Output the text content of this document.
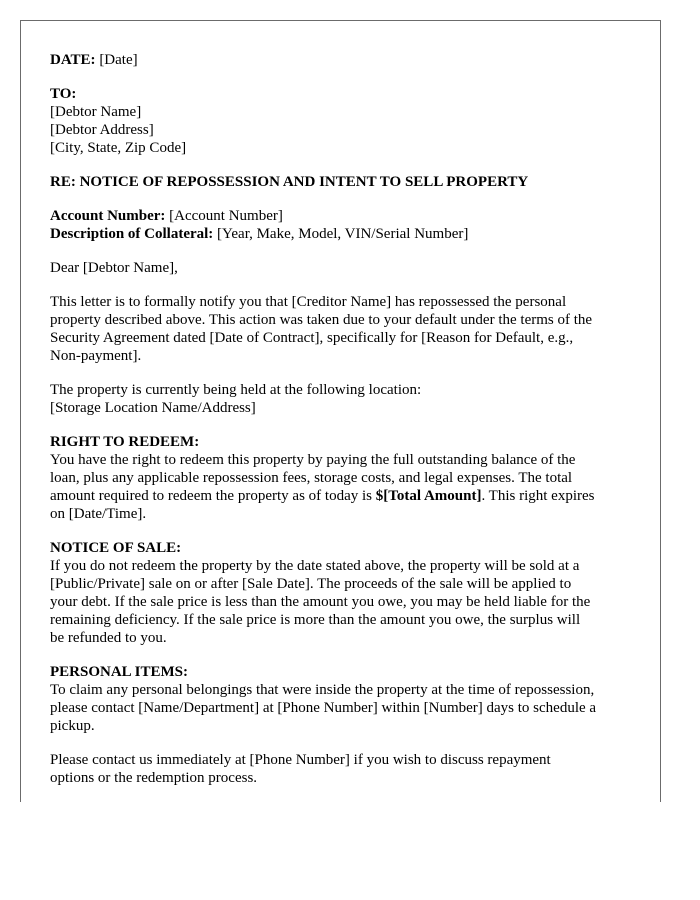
DATE: [Date]
TO:
[Debtor Name]
[Debtor Address]
[City, State, Zip Code]
RE: NOTICE OF REPOSSESSION AND INTENT TO SELL PROPERTY
Account Number: [Account Number]
Description of Collateral: [Year, Make, Model, VIN/Serial Number]
Dear [Debtor Name],
This letter is to formally notify you that [Creditor Name] has repossessed the personal
property described above. This action was taken due to your default under the terms of the
Security Agreement dated [Date of Contract], specifically for [Reason for Default, e.g.,
Non-payment].
The property is currently being held at the following location:
[Storage Location Name/Address]
RIGHT TO REDEEM:
You have the right to redeem this property by paying the full outstanding balance of the
loan, plus any applicable repossession fees, storage costs, and legal expenses. The total
amount required to redeem the property as of today is $[Total Amount]. This right expires
on [Date/Time].
NOTICE OF SALE:
If you do not redeem the property by the date stated above, the property will be sold at a
[Public/Private] sale on or after [Sale Date]. The proceeds of the sale will be applied to
your debt. If the sale price is less than the amount you owe, you may be held liable for the
remaining deficiency. If the sale price is more than the amount you owe, the surplus will
be refunded to you.
PERSONAL ITEMS:
To claim any personal belongings that were inside the property at the time of repossession,
please contact [Name/Department] at [Phone Number] within [Number] days to schedule a
pickup.
Please contact us immediately at [Phone Number] if you wish to discuss repayment
options or the redemption process.
